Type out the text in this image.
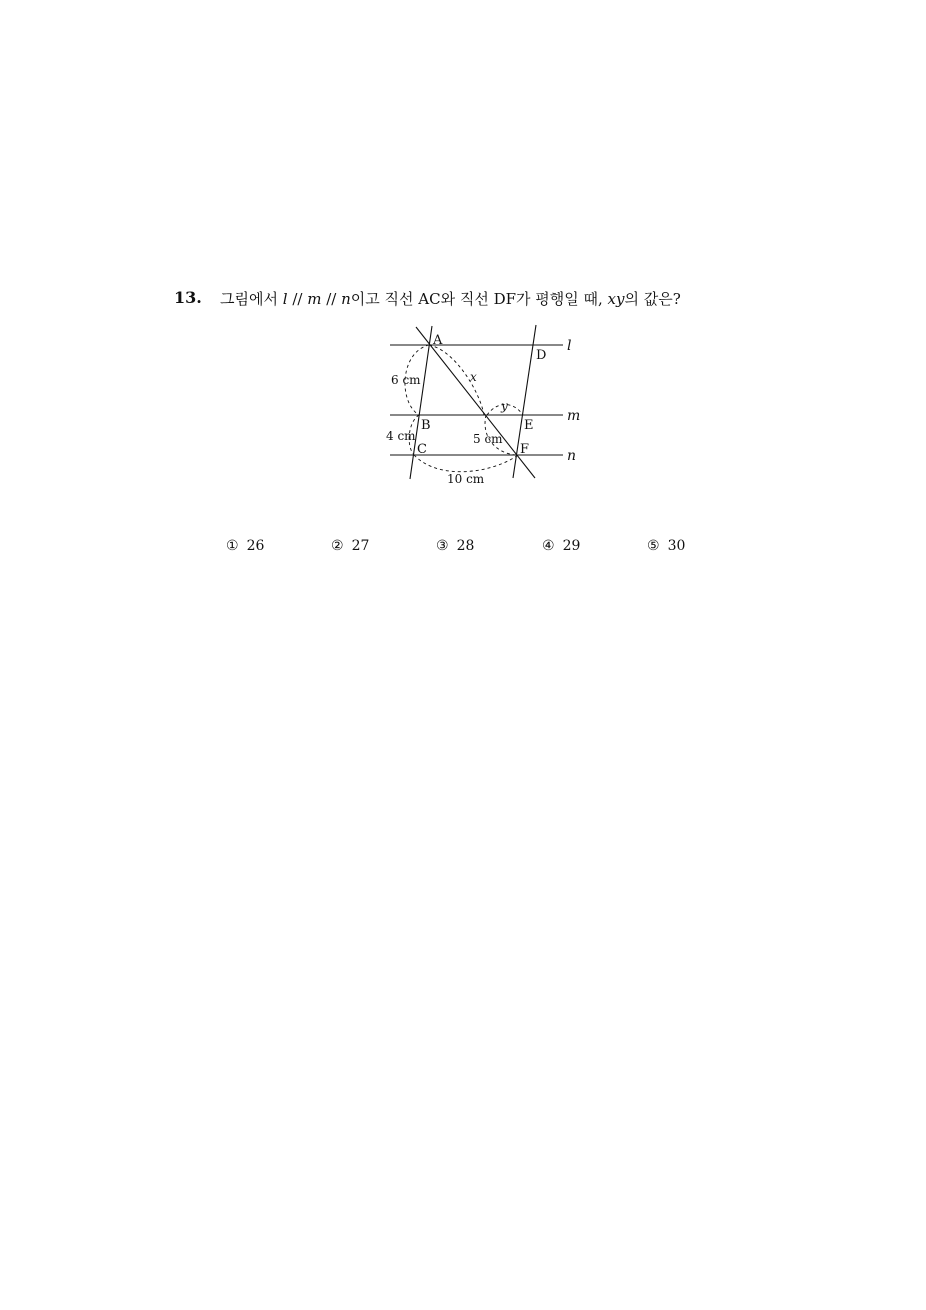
13. 그림에서 l // m // n이고 직선 AC와 직선 DF가 평행일 때, xy의 값은?
A
D
B	E
C	F
l
m
n
6 cm
4 cm
10 cm
5 cm
x
y
① 26	② 27	③ 28	④ 29	⑤ 30
